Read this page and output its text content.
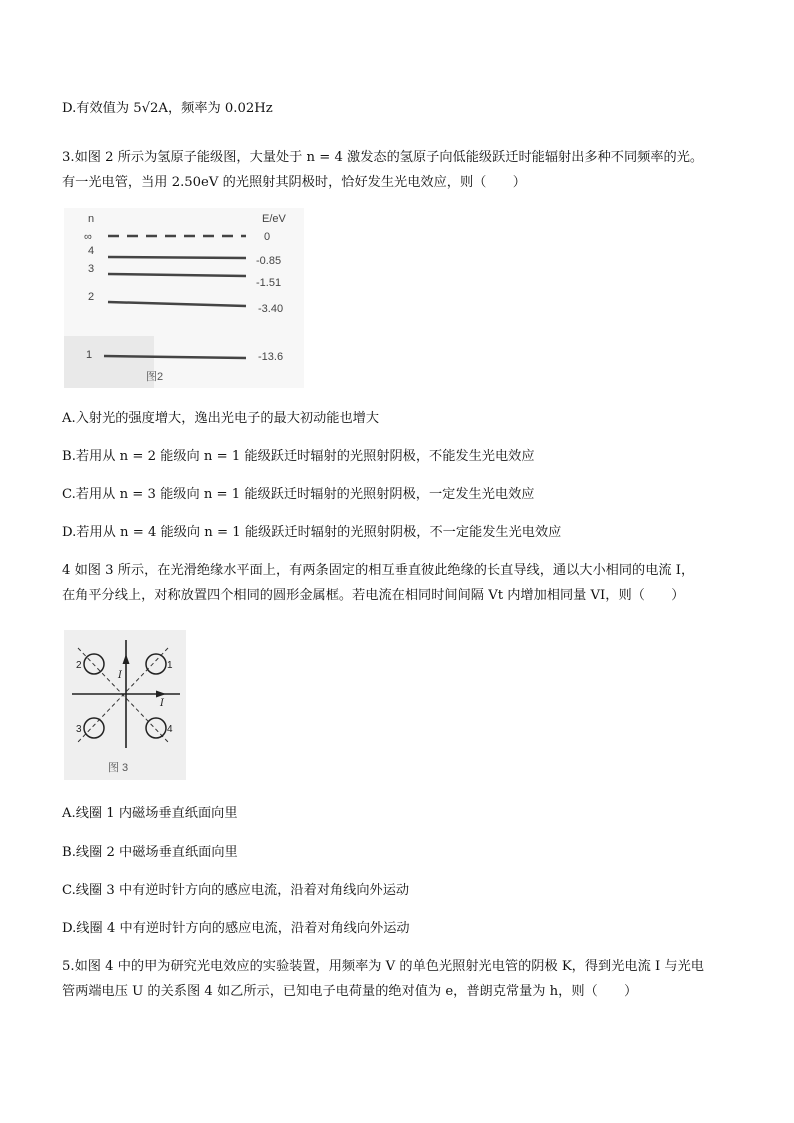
D.有效值为 5√2A，频率为 0.02Hz
3.如图 2 所示为氢原子能级图，大量处于 n = 4 激发态的氢原子向低能级跃迁时能辐射出多种不同频率的光。
有一光电管，当用 2.50eV 的光照射其阴极时，恰好发生光电效应，则（　　）
n	E/eV
∞	0
4
-0.85
3
-1.51
2
-3.40
1	-13.6
图2
A.入射光的强度增大，逸出光电子的最大初动能也增大
B.若用从 n = 2 能级向 n = 1 能级跃迁时辐射的光照射阴极，不能发生光电效应
C.若用从 n = 3 能级向 n = 1 能级跃迁时辐射的光照射阴极，一定发生光电效应
D.若用从 n = 4 能级向 n = 1 能级跃迁时辐射的光照射阴极，不一定能发生光电效应
4 如图 3 所示，在光滑绝缘水平面上，有两条固定的相互垂直彼此绝缘的长直导线，通以大小相同的电流 I，
在角平分线上，对称放置四个相同的圆形金属框。若电流在相同时间间隔 Vt 内增加相同量 VI，则（　　）
I
I
1
2
3	4
图 3
A.线圈 1 内磁场垂直纸面向里
B.线圈 2 中磁场垂直纸面向里
C.线圈 3 中有逆时针方向的感应电流，沿着对角线向外运动
D.线圈 4 中有逆时针方向的感应电流，沿着对角线向外运动
5.如图 4 中的甲为研究光电效应的实验装置，用频率为 V 的单色光照射光电管的阴极 K，得到光电流 I 与光电
管两端电压 U 的关系图 4 如乙所示，已知电子电荷量的绝对值为 e，普朗克常量为 h，则（　　）
